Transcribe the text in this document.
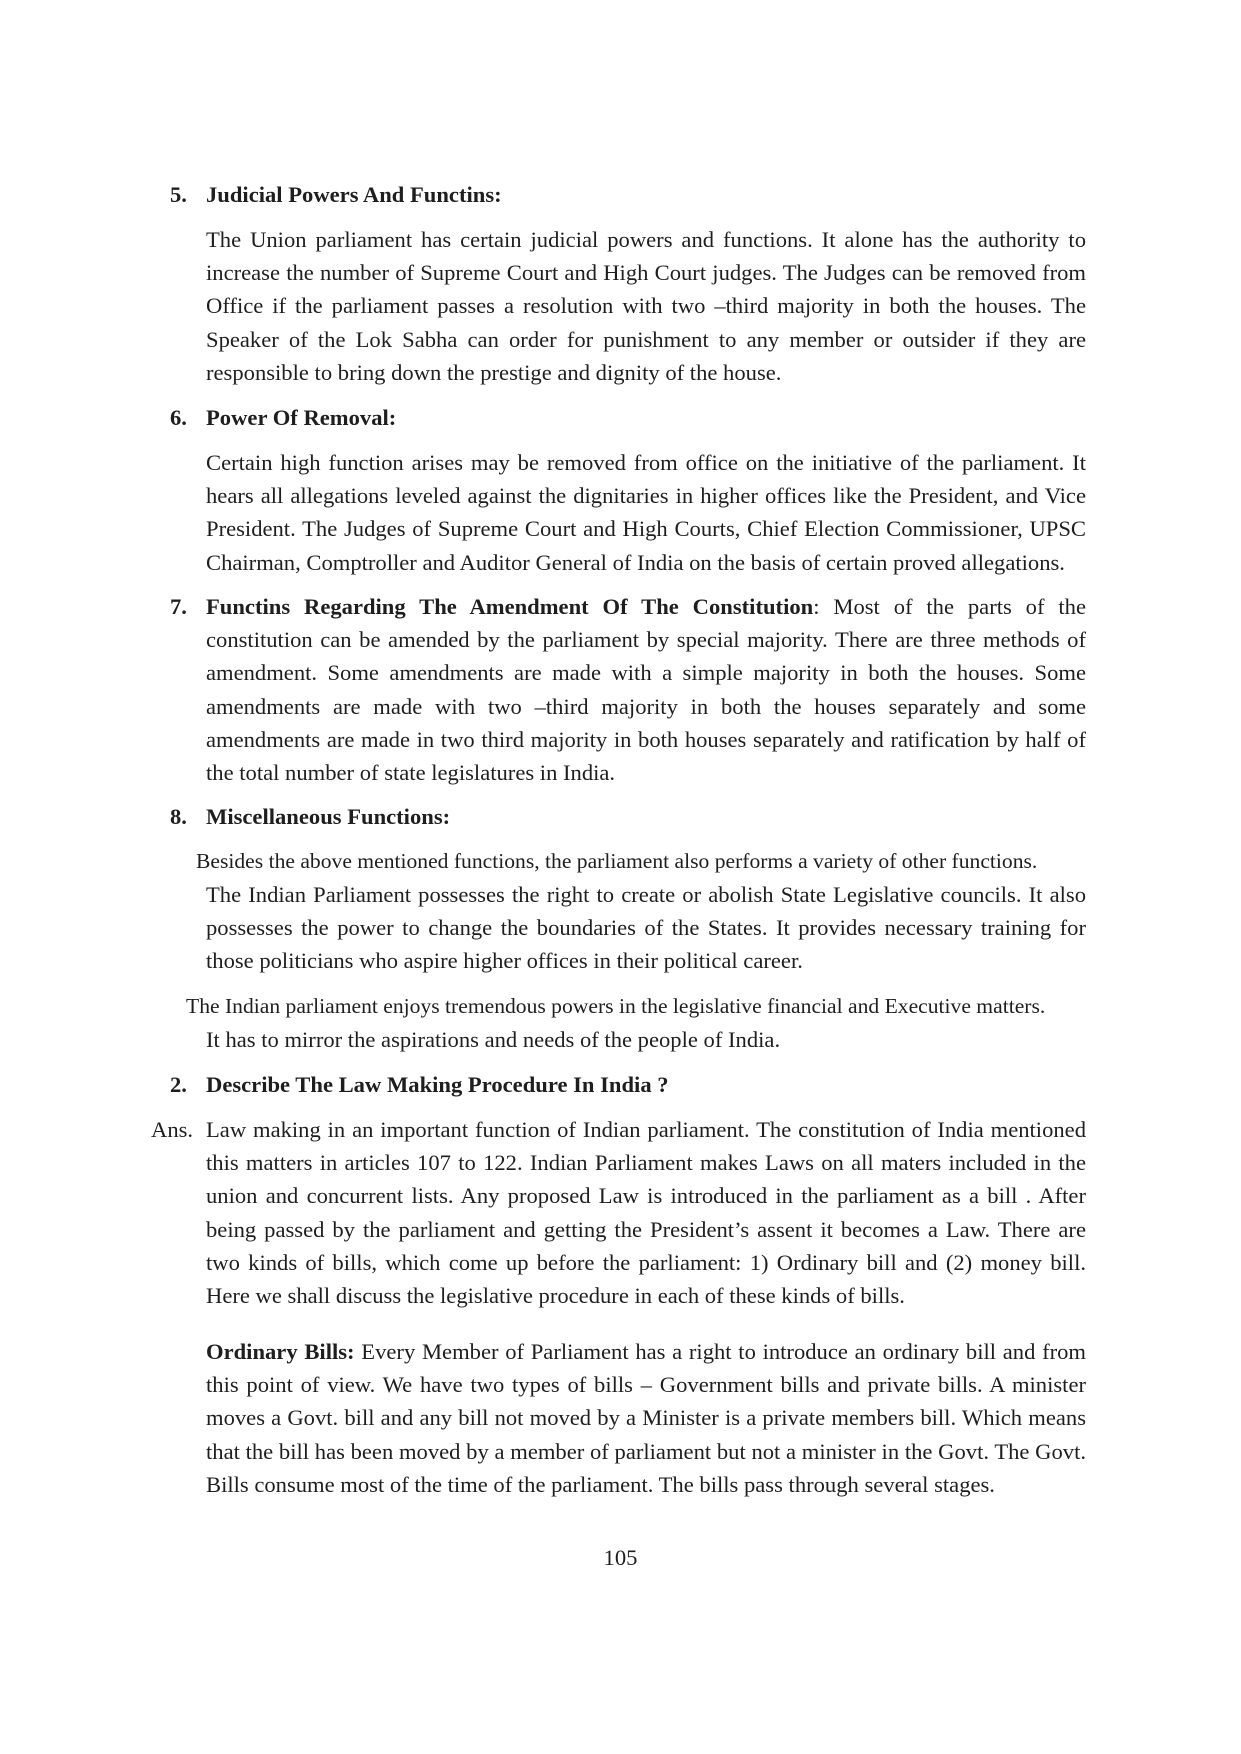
5. Judicial Powers And Functins:
The Union parliament has certain judicial powers and functions. It alone has the authority to increase the number of Supreme Court and High Court judges. The Judges can be removed from Office if the parliament passes a resolution with two –third majority in both the houses. The Speaker of the Lok Sabha can order for punishment to any member or outsider if they are responsible to bring down the prestige and dignity of the house.
6. Power Of Removal:
Certain high function arises may be removed from office on the initiative of the parliament. It hears all allegations leveled against the dignitaries in higher offices like the President, and Vice President. The Judges of Supreme Court and High Courts, Chief Election Commissioner, UPSC Chairman, Comptroller and Auditor General of India on the basis of certain proved allegations.
7. Functins Regarding The Amendment Of The Constitution: Most of the parts of the constitution can be amended by the parliament by special majority. There are three methods of amendment. Some amendments are made with a simple majority in both the houses. Some amendments are made with two –third majority in both the houses separately and some amendments are made in two third majority in both houses separately and ratification by half of the total number of state legislatures in India.
8. Miscellaneous Functions:
Besides the above mentioned functions, the parliament also performs a variety of other functions.
The Indian Parliament possesses the right to create or abolish State Legislative councils. It also possesses the power to change the boundaries of the States. It provides necessary training for those politicians who aspire higher offices in their political career.
The Indian parliament enjoys tremendous powers in the legislative financial and Executive matters.
It has to mirror the aspirations and needs of the people of India.
2. Describe The Law Making Procedure In India ?
Ans. Law making in an important function of Indian parliament. The constitution of India mentioned this matters in articles 107 to 122. Indian Parliament makes Laws on all maters included in the union and concurrent lists. Any proposed Law is introduced in the parliament as a bill . After being passed by the parliament and getting the President’s assent it becomes a Law. There are two kinds of bills, which come up before the parliament: 1) Ordinary bill and (2) money bill. Here we shall discuss the legislative procedure in each of these kinds of bills.
Ordinary Bills: Every Member of Parliament has a right to introduce an ordinary bill and from this point of view. We have two types of bills – Government bills and private bills. A minister moves a Govt. bill and any bill not moved by a Minister is a private members bill. Which means that the bill has been moved by a member of parliament but not a minister in the Govt. The Govt. Bills consume most of the time of the parliament. The bills pass through several stages.
105
